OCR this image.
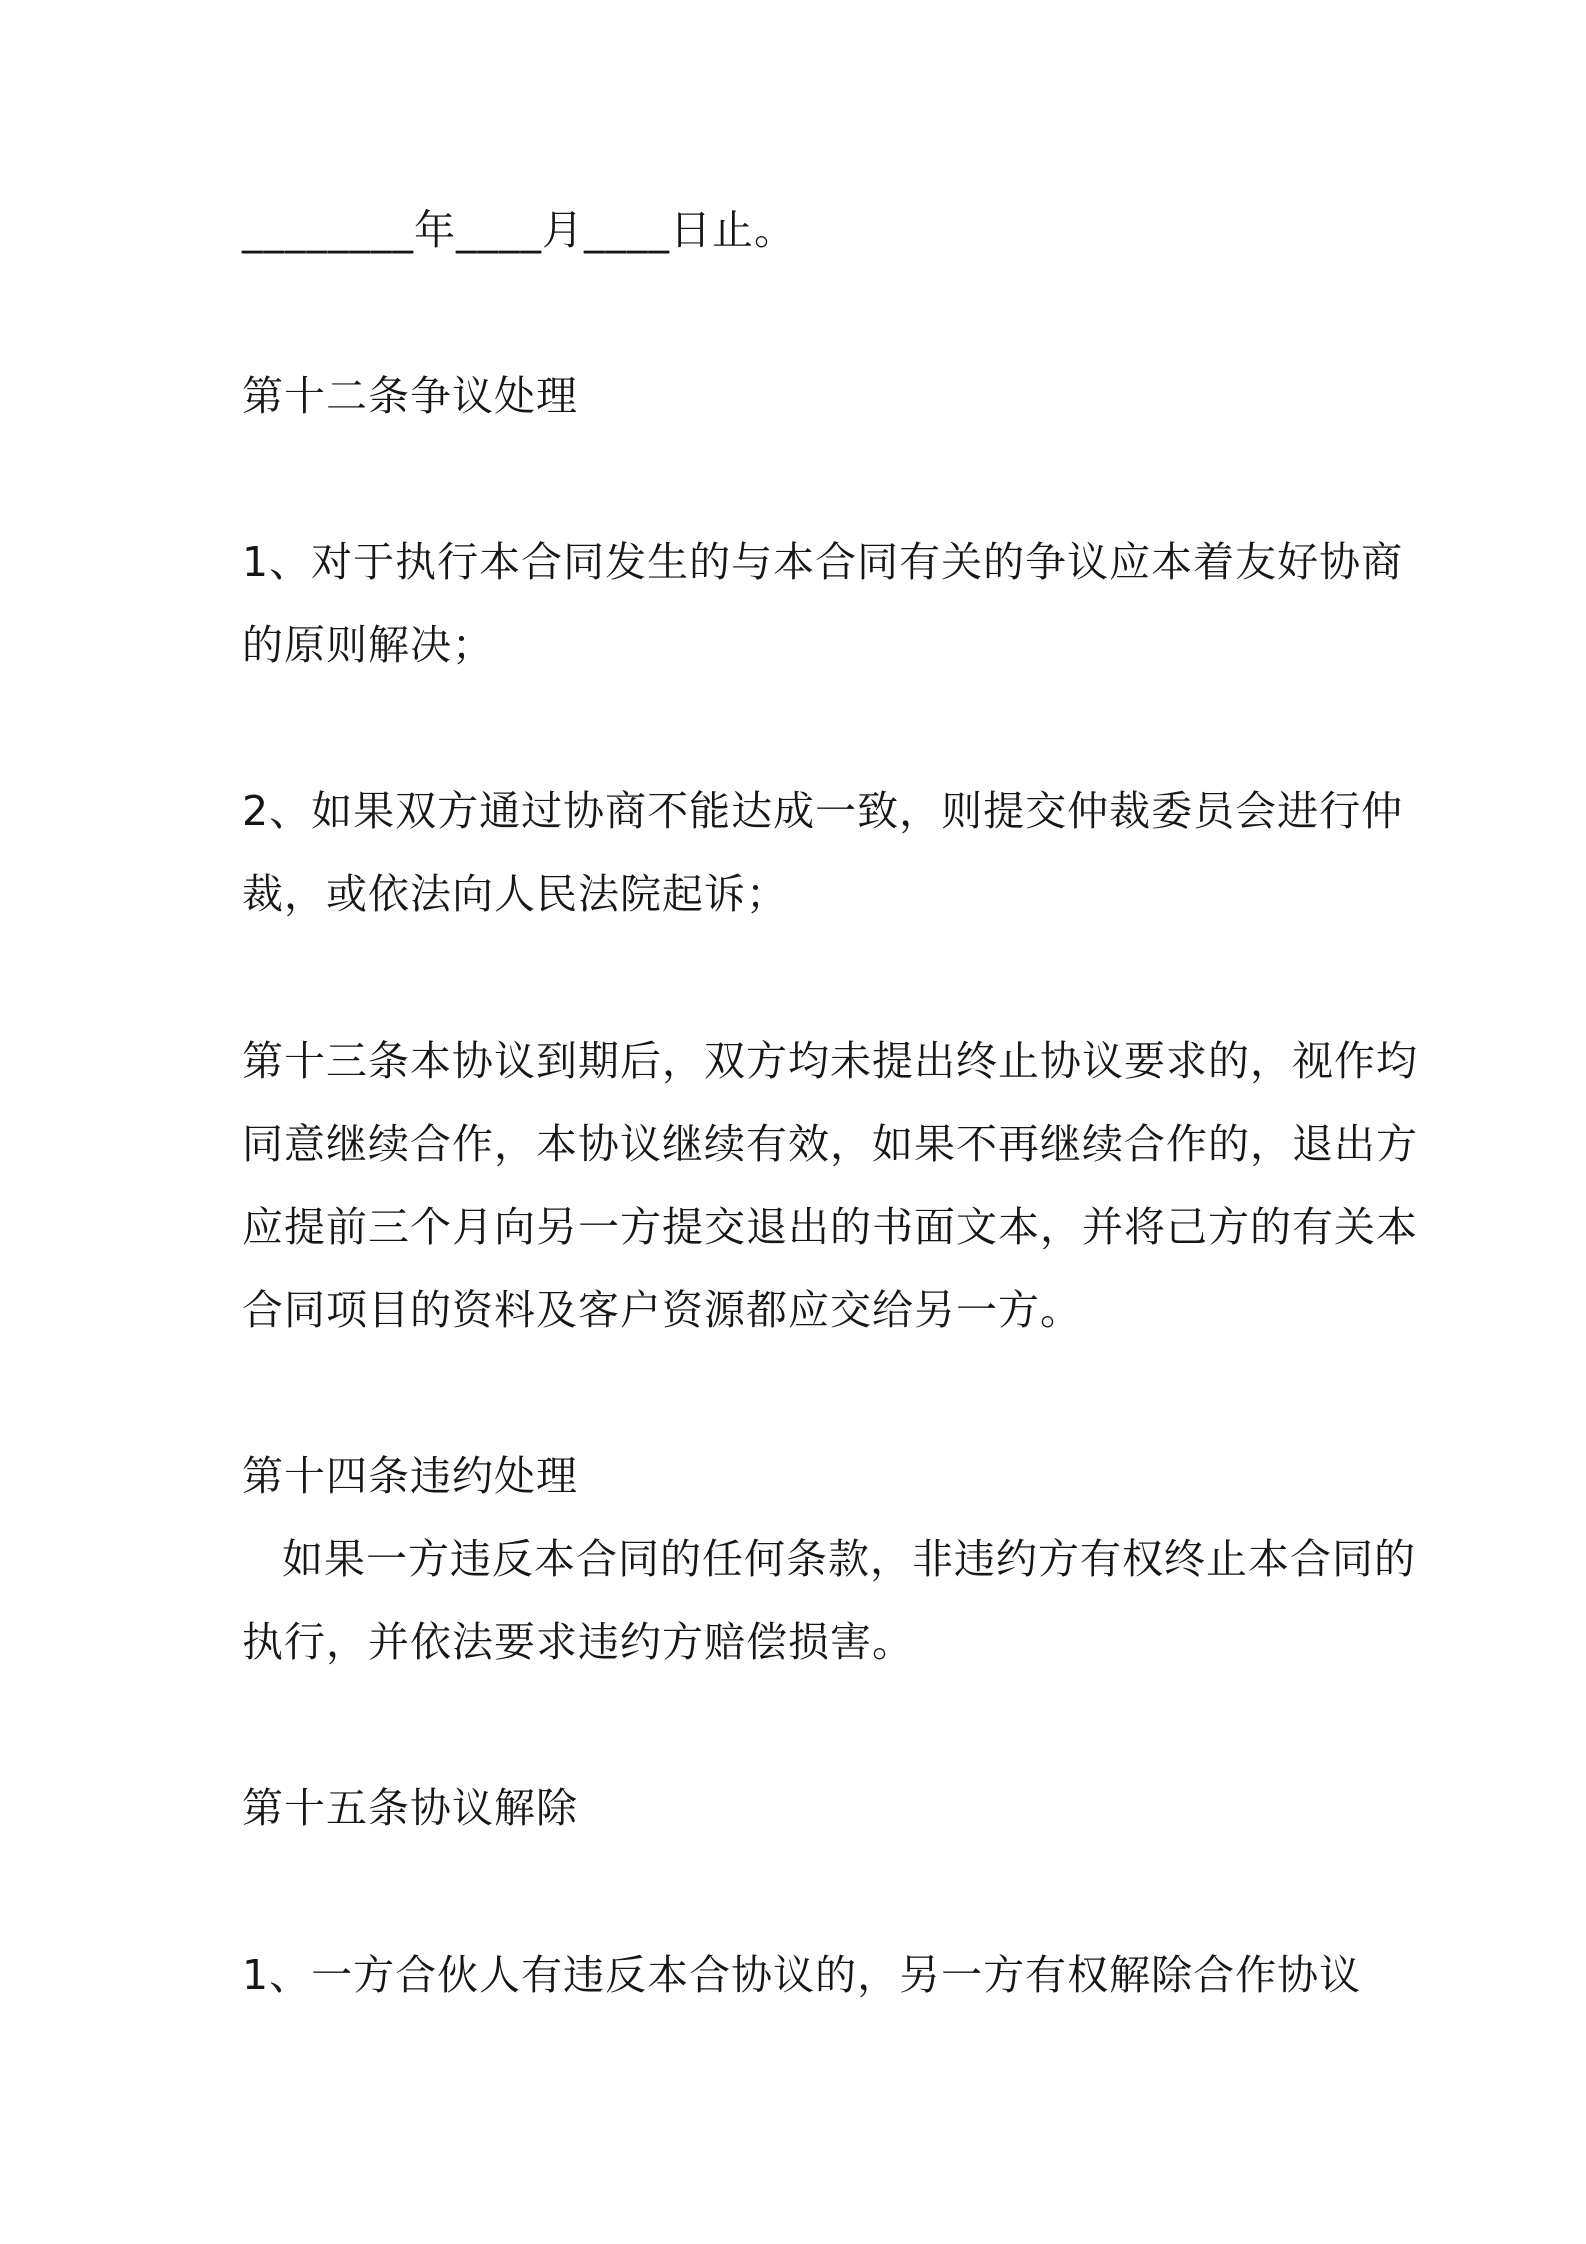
________年____月____日止。
第十二条争议处理
1、对于执行本合同发生的与本合同有关的争议应本着友好协商
的原则解决；
2、如果双方通过协商不能达成一致，则提交仲裁委员会进行仲
裁，或依法向人民法院起诉；
第十三条本协议到期后，双方均未提出终止协议要求的，视作均
同意继续合作，本协议继续有效，如果不再继续合作的，退出方
应提前三个月向另一方提交退出的书面文本，并将己方的有关本
合同项目的资料及客户资源都应交给另一方。
第十四条违约处理
如果一方违反本合同的任何条款，非违约方有权终止本合同的
执行，并依法要求违约方赔偿损害。
第十五条协议解除
1、一方合伙人有违反本合协议的，另一方有权解除合作协议
